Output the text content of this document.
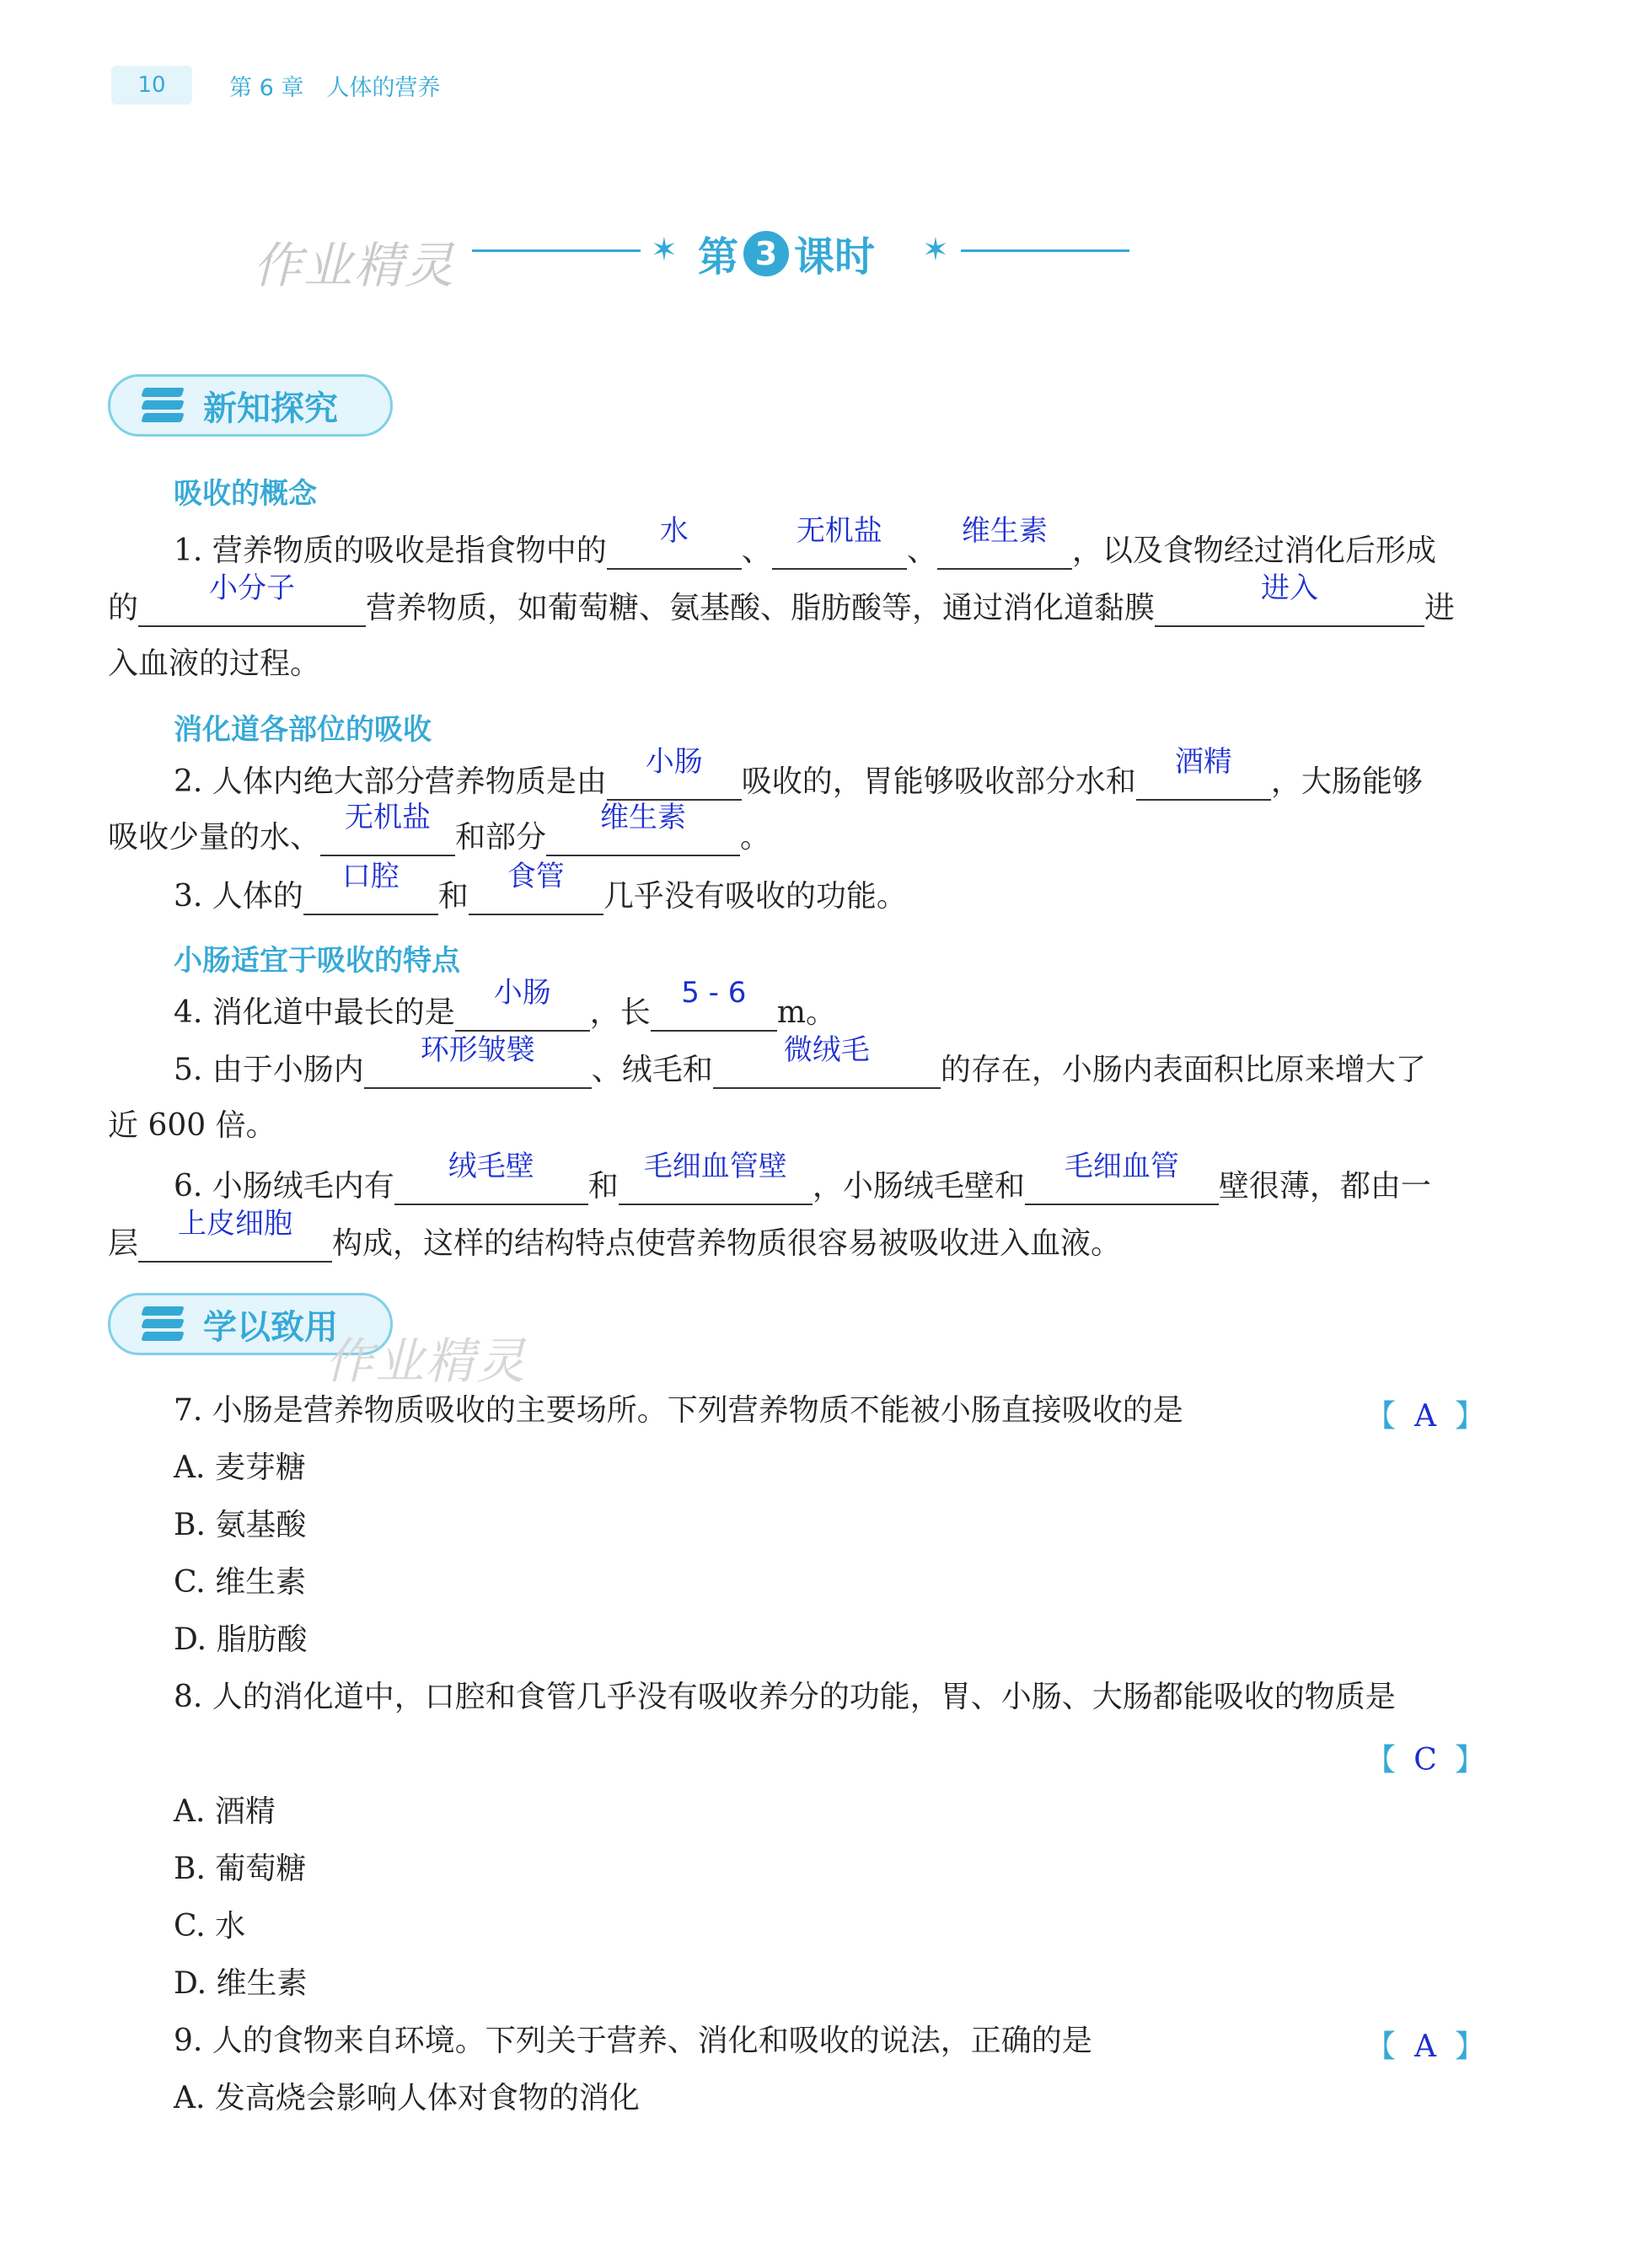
10	第 6 章　人体的营养
作业精灵	✶ 第 3 课时 ✶
新知探究
吸收的概念
1. 营养物质的吸收是指食物中的
水
、
无机盐
、
维生素
，以及食物经过消化后形成
的
小分子
营养物质，如葡萄糖、氨基酸、脂肪酸等，通过消化道黏膜
进入
进
入血液的过程。
消化道各部位的吸收
2. 人体内绝大部分营养物质是由
小肠
吸收的，胃能够吸收部分水和
酒精
，大肠能够
吸收少量的水、
无机盐
和部分
维生素
。
3. 人体的
口腔
和
食管
几乎没有吸收的功能。
小肠适宜于吸收的特点
4. 消化道中最长的是
小肠
，长
5 - 6
m。
5. 由于小肠内
环形皱襞
、绒毛和
微绒毛
的存在，小肠内表面积比原来增大了
近 600 倍。
6. 小肠绒毛内有
绒毛壁
和
毛细血管壁
，小肠绒毛壁和
毛细血管
壁很薄，都由一
层
上皮细胞
构成，这样的结构特点使营养物质很容易被吸收进入血液。
学以致用
作业精灵
7. 小肠是营养物质吸收的主要场所。下列营养物质不能被小肠直接吸收的是	【 A 】
A. 麦芽糖
B. 氨基酸
C. 维生素
D. 脂肪酸
8. 人的消化道中，口腔和食管几乎没有吸收养分的功能，胃、小肠、大肠都能吸收的物质是
【 C 】
A. 酒精
B. 葡萄糖
C. 水
D. 维生素
9. 人的食物来自环境。下列关于营养、消化和吸收的说法，正确的是	【 A 】
A. 发高烧会影响人体对食物的消化
